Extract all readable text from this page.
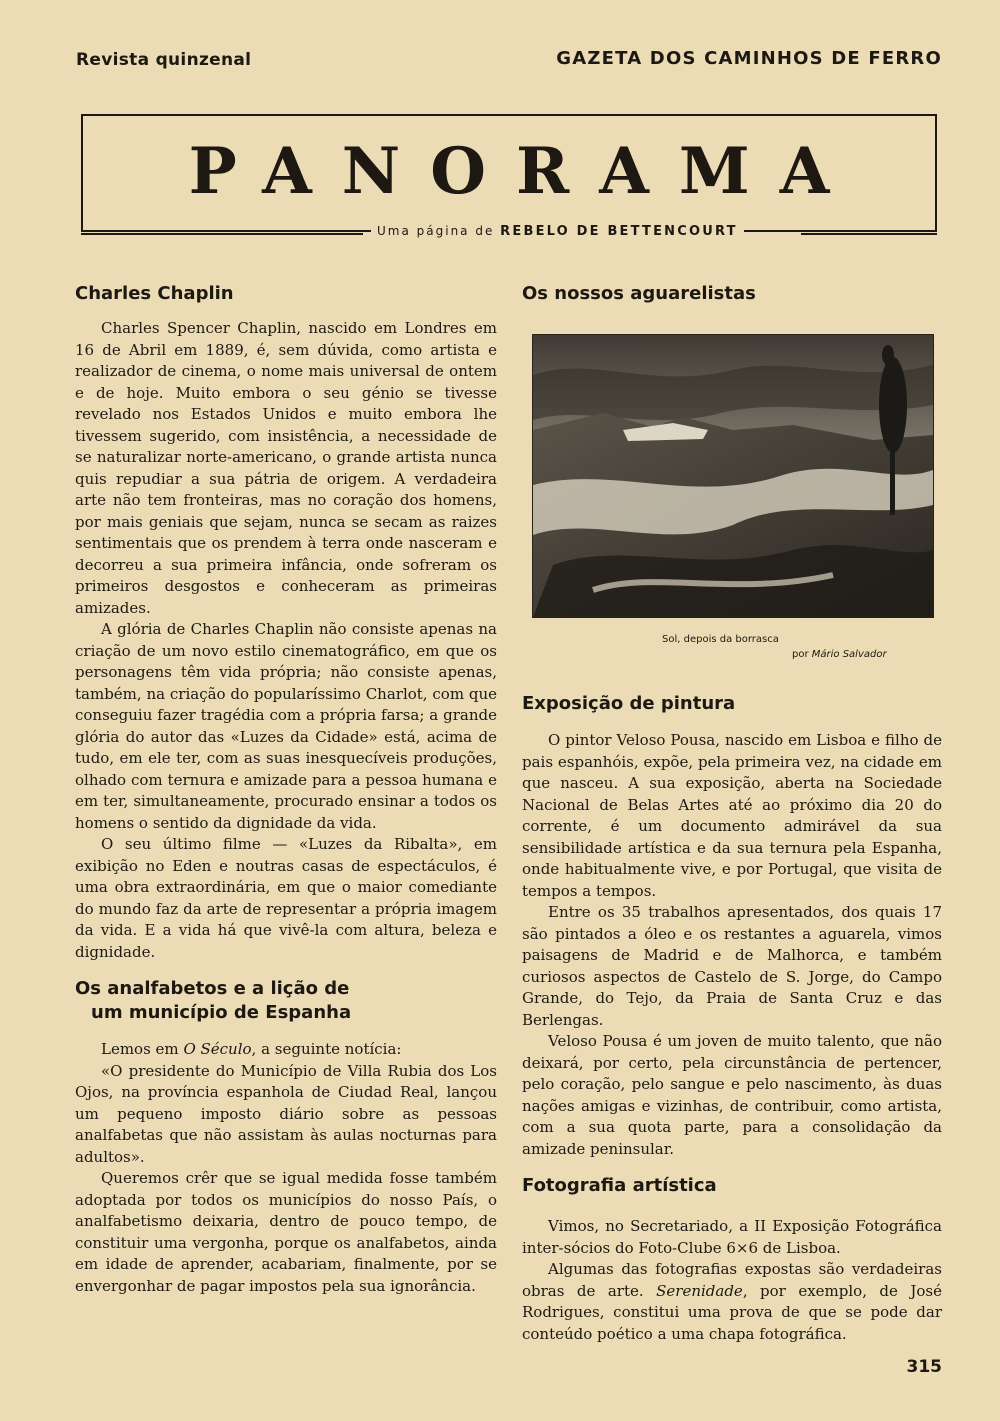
Revista quinzenal	GAZETA DOS CAMINHOS DE FERRO
PANORAMA
Uma página de REBELO DE BETTENCOURT
Charles Chaplin

Charles Spencer Chaplin, nascido em Londres em 16 de Abril em 1889, é, sem dúvida, como artista e realizador de cinema, o nome mais universal de ontem e de hoje. Muito embora o seu génio se tivesse revelado nos Estados Unidos e muito embora lhe tivessem sugerido, com insistência, a necessidade de se naturalizar norte-americano, o grande artista nunca quis repudiar a sua pátria de origem. A verdadeira arte não tem fronteiras, mas no coração dos homens, por mais geniais que sejam, nunca se secam as raizes sentimentais que os prendem à terra onde nasceram e decorreu a sua primeira infância, onde sofreram os primeiros desgostos e conheceram as primeiras amizades.

A glória de Charles Chaplin não consiste apenas na criação de um novo estilo cinematográfico, em que os personagens têm vida própria; não consiste apenas, também, na criação do popularíssimo Charlot, com que conseguiu fazer tragédia com a própria farsa; a grande glória do autor das «Luzes da Cidade» está, acima de tudo, em ele ter, com as suas inesquecíveis produções, olhado com ternura e amizade para a pessoa humana e em ter, simultaneamente, procurado ensinar a todos os homens o sentido da dignidade da vida.

O seu último filme — «Luzes da Ribalta», em exibição no Eden e noutras casas de espectáculos, é uma obra extraordinária, em que o maior comediante do mundo faz da arte de representar a própria imagem da vida. E a vida há que vivê-la com altura, beleza e dignidade.

Os analfabetos e a lição de
um município de Espanha

Lemos em O Século, a seguinte notícia:

«O presidente do Município de Villa Rubia dos Los Ojos, na província espanhola de Ciudad Real, lançou um pequeno imposto diário sobre as pessoas analfabetas que não assistam às aulas nocturnas para adultos».

Queremos crêr que se igual medida fosse também adoptada por todos os municípios do nosso País, o analfabetismo deixaria, dentro de pouco tempo, de constituir uma vergonha, porque os analfabetos, ainda em idade de aprender, acabariam, finalmente, por se envergonhar de pagar impostos pela sua ignorância.

Os nossos aguarelistas
Sol, depois da borrasca
por Mário Salvador
Exposição de pintura

O pintor Veloso Pousa, nascido em Lisboa e filho de pais espanhóis, expõe, pela primeira vez, na cidade em que nasceu. A sua exposição, aberta na Sociedade Nacional de Belas Artes até ao próximo dia 20 do corrente, é um documento admirável da sua sensibilidade artística e da sua ternura pela Espanha, onde habitualmente vive, e por Portugal, que visita de tempos a tempos.

Entre os 35 trabalhos apresentados, dos quais 17 são pintados a óleo e os restantes a aguarela, vimos paisagens de Madrid e de Malhorca, e também curiosos aspectos de Castelo de S. Jorge, do Campo Grande, do Tejo, da Praia de Santa Cruz e das Berlengas.

Veloso Pousa é um joven de muito talento, que não deixará, por certo, pela circunstância de pertencer, pelo coração, pelo sangue e pelo nascimento, às duas nações amigas e vizinhas, de contribuir, como artista, com a sua quota parte, para a consolidação da amizade peninsular.

Fotografia artística

Vimos, no Secretariado, a II Exposição Fotográfica inter-sócios do Foto-Clube 6×6 de Lisboa.

Algumas das fotografias expostas são verdadeiras obras de arte. Serenidade, por exemplo, de José Rodrigues, constitui uma prova de que se pode dar conteúdo poético a uma chapa fotográfica.

315
